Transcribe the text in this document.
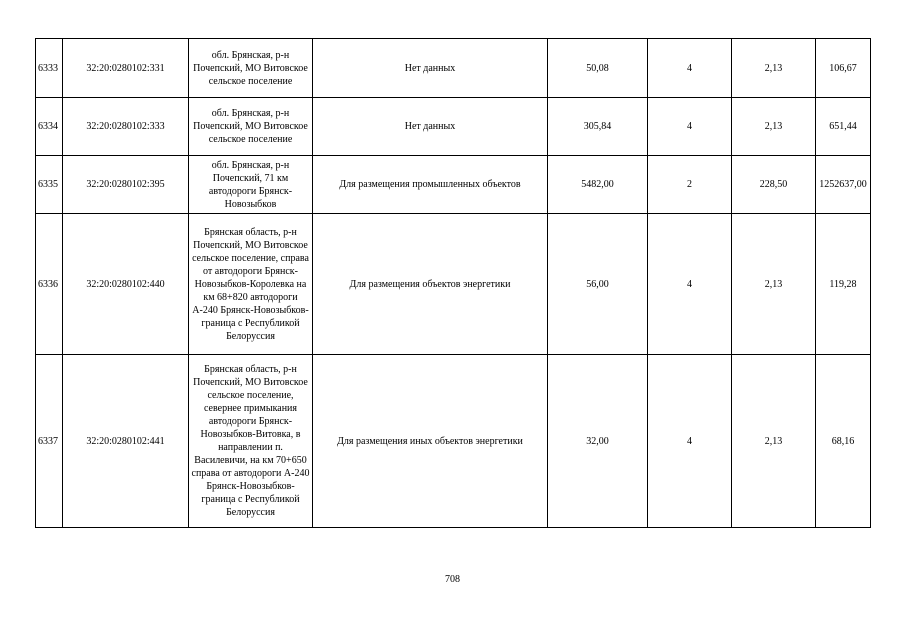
6333	32:20:0280102:331	обл. Брянская, р-н Почепский, МО Витовское сельское поселение	Нет данных	50,08	4	2,13	106,67
6334	32:20:0280102:333	обл. Брянская, р-н Почепский, МО Витовское сельское поселение	Нет данных	305,84	4	2,13	651,44
6335	32:20:0280102:395	обл. Брянская, р-н Почепский, 71 км автодороги Брянск-Новозыбков	Для размещения промышленных объектов	5482,00	2	228,50	1252637,00
6336	32:20:0280102:440	Брянская область, р-н Почепский, МО Витовское сельское поселение, справа от автодороги Брянск-Новозыбков-Королевка на км 68+820 автодороги А-240 Брянск-Новозыбков-граница с Республикой Белоруссия	Для размещения объектов энергетики	56,00	4	2,13	119,28
6337	32:20:0280102:441	Брянская область, р-н Почепский, МО Витовское сельское поселение, севернее примыкания автодороги Брянск-Новозыбков-Витовка, в направлении п. Василевичи, на км 70+650 справа от автодороги А-240 Брянск-Новозыбков-граница с Республикой Белоруссия	Для размещения иных объектов энергетики	32,00	4	2,13	68,16
708
